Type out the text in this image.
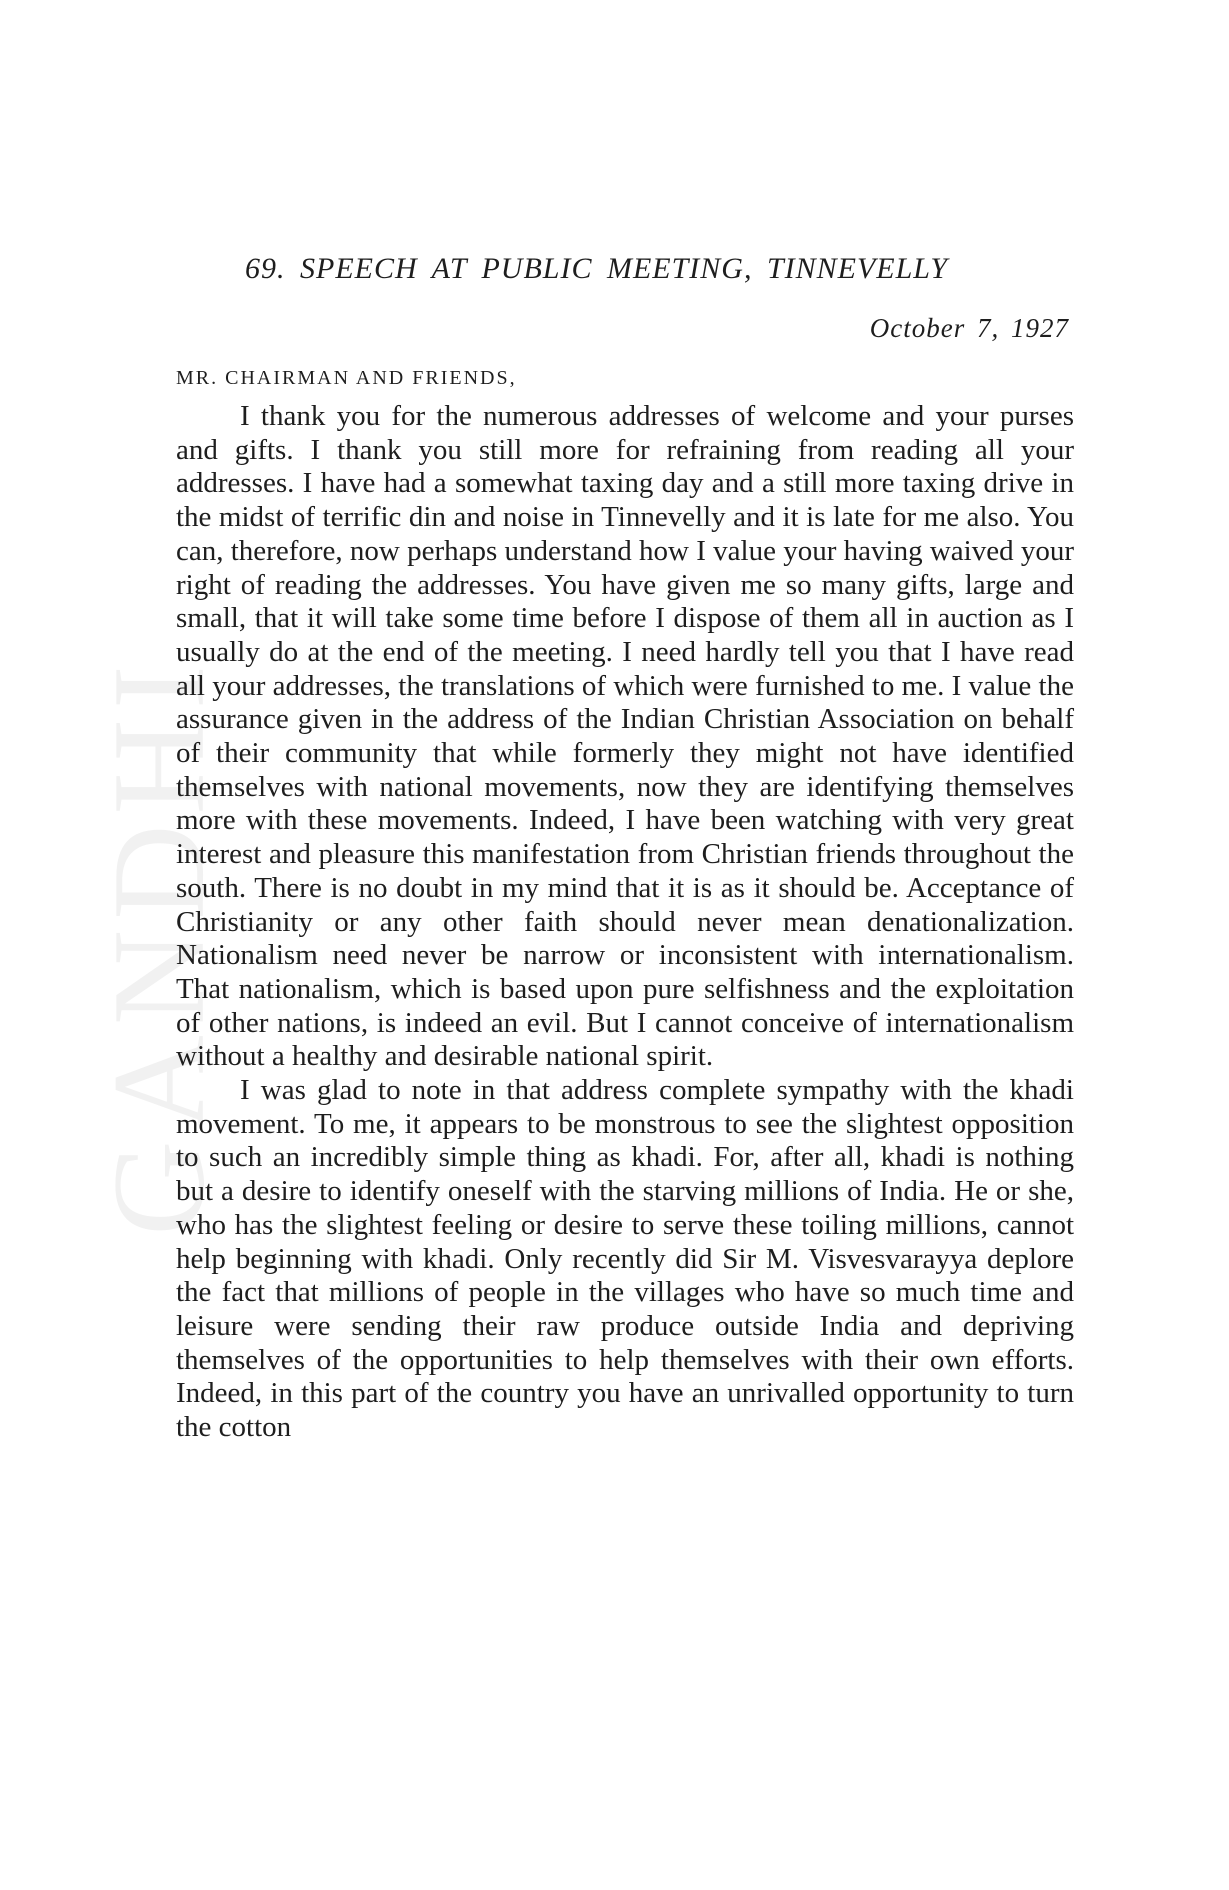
GANDHI
69. SPEECH AT PUBLIC MEETING, TINNEVELLY
October 7, 1927
MR. CHAIRMAN AND FRIENDS,

I thank you for the numerous addresses of welcome and your purses and gifts. I thank you still more for refraining from reading all your addresses. I have had a somewhat taxing day and a still more taxing drive in the midst of terrific din and noise in Tinnevelly and it is late for me also. You can, therefore, now perhaps understand how I value your having waived your right of reading the addresses. You have given me so many gifts, large and small, that it will take some time before I dispose of them all in auction as I usually do at the end of the meeting. I need hardly tell you that I have read all your addresses, the translations of which were furnished to me. I value the assurance given in the address of the Indian Christian Association on behalf of their community that while formerly they might not have identified themselves with national movements, now they are identifying themselves more with these movements. Indeed, I have been watching with very great interest and pleasure this manifestation from Christian friends throughout the south. There is no doubt in my mind that it is as it should be. Acceptance of Christianity or any other faith should never mean denationalization. Nationalism need never be narrow or inconsistent with internationalism. That nationalism, which is based upon pure selfishness and the exploitation of other nations, is indeed an evil. But I cannot conceive of internationalism without a healthy and desirable national spirit.

I was glad to note in that address complete sympathy with the khadi movement. To me, it appears to be monstrous to see the slightest opposition to such an incredibly simple thing as khadi. For, after all, khadi is nothing but a desire to identify oneself with the starving millions of India. He or she, who has the slightest feeling or desire to serve these toiling millions, cannot help beginning with khadi. Only recently did Sir M. Visvesvarayya deplore the fact that millions of people in the villages who have so much time and leisure were sending their raw produce outside India and depriving themselves of the opportunities to help themselves with their own efforts. Indeed, in this part of the country you have an unrivalled opportunity to turn the cotton
